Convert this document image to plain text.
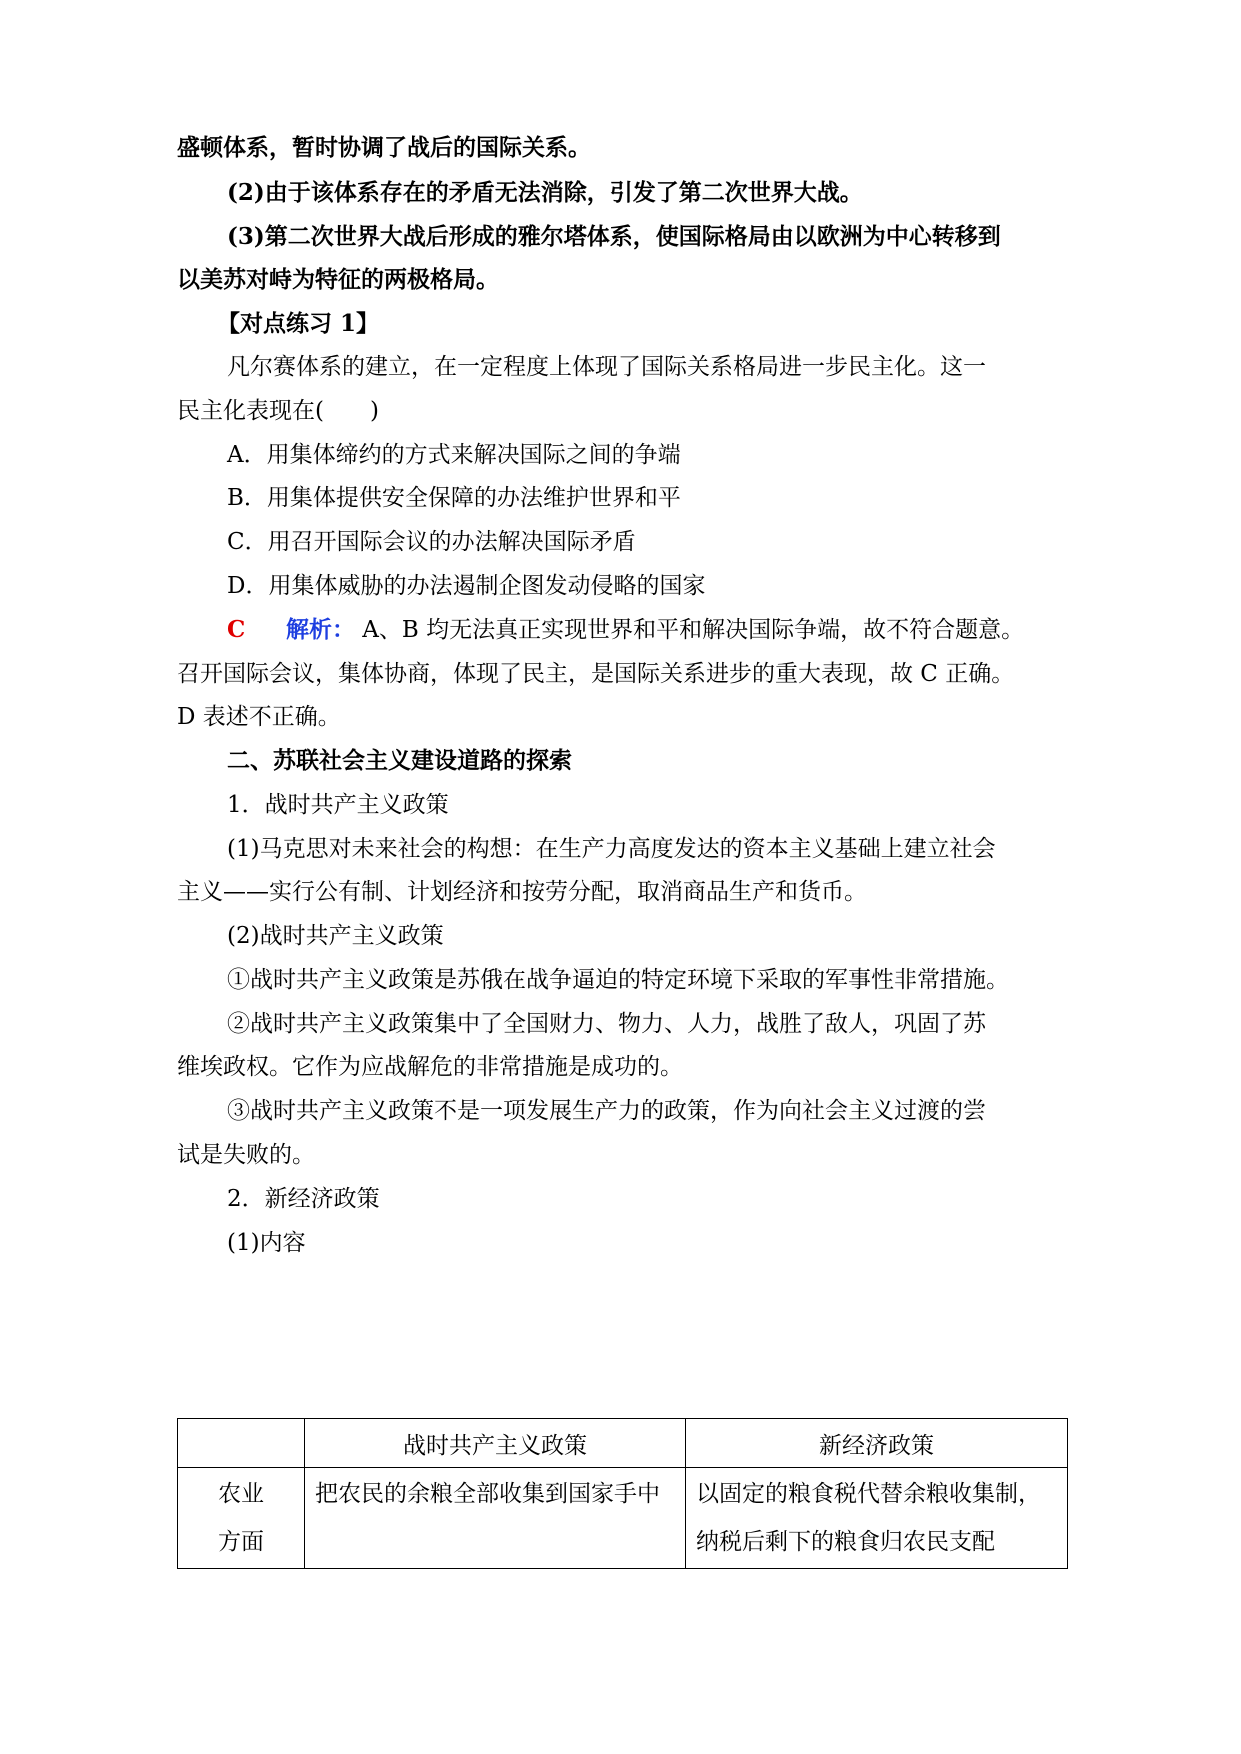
盛顿体系，暂时协调了战后的国际关系。
(2)由于该体系存在的矛盾无法消除，引发了第二次世界大战。
(3)第二次世界大战后形成的雅尔塔体系，使国际格局由以欧洲为中心转移到
以美苏对峙为特征的两极格局。
【对点练习 1】
凡尔赛体系的建立，在一定程度上体现了国际关系格局进一步民主化。这一
民主化表现在(　　)
A．用集体缔约的方式来解决国际之间的争端
B．用集体提供安全保障的办法维护世界和平
C．用召开国际会议的办法解决国际矛盾
D．用集体威胁的办法遏制企图发动侵略的国家
C 解析： A、B 均无法真正实现世界和平和解决国际争端，故不符合题意。
召开国际会议，集体协商，体现了民主，是国际关系进步的重大表现，故 C 正确。
D 表述不正确。
二、苏联社会主义建设道路的探索
1．战时共产主义政策
(1)马克思对未来社会的构想：在生产力高度发达的资本主义基础上建立社会
主义——实行公有制、计划经济和按劳分配，取消商品生产和货币。
(2)战时共产主义政策
①战时共产主义政策是苏俄在战争逼迫的特定环境下采取的军事性非常措施。
②战时共产主义政策集中了全国财力、物力、人力，战胜了敌人，巩固了苏
维埃政权。它作为应战解危的非常措施是成功的。
③战时共产主义政策不是一项发展生产力的政策，作为向社会主义过渡的尝
试是失败的。
2．新经济政策
(1)内容
	战时共产主义政策	新经济政策

农业方面	把农民的余粮全部收集到国家手中	以固定的粮食税代替余粮收集制，纳税后剩下的粮食归农民支配
